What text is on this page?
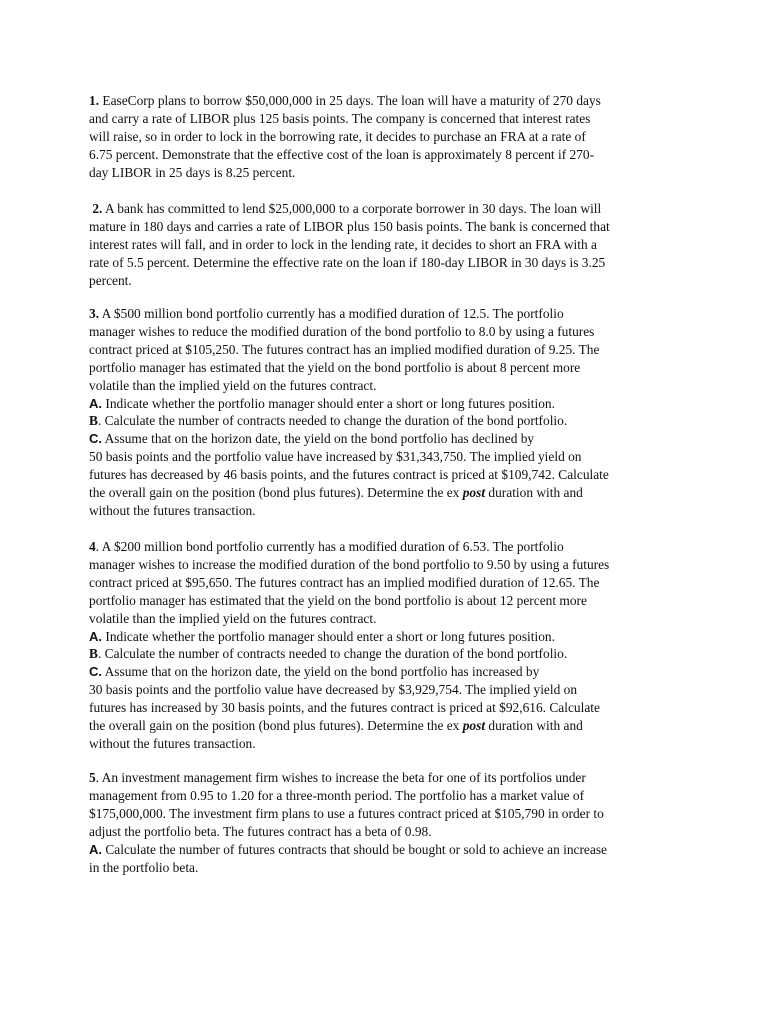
1. EaseCorp plans to borrow $50,000,000 in 25 days. The loan will have a maturity of 270 days
and carry a rate of LIBOR plus 125 basis points. The company is concerned that interest rates
will raise, so in order to lock in the borrowing rate, it decides to purchase an FRA at a rate of
6.75 percent. Demonstrate that the effective cost of the loan is approximately 8 percent if 270-
day LIBOR in 25 days is 8.25 percent.
2. A bank has committed to lend $25,000,000 to a corporate borrower in 30 days. The loan will
mature in 180 days and carries a rate of LIBOR plus 150 basis points. The bank is concerned that
interest rates will fall, and in order to lock in the lending rate, it decides to short an FRA with a
rate of 5.5 percent. Determine the effective rate on the loan if 180-day LIBOR in 30 days is 3.25
percent.
3. A $500 million bond portfolio currently has a modified duration of 12.5. The portfolio
manager wishes to reduce the modified duration of the bond portfolio to 8.0 by using a futures
contract priced at $105,250. The futures contract has an implied modified duration of 9.25. The
portfolio manager has estimated that the yield on the bond portfolio is about 8 percent more
volatile than the implied yield on the futures contract.
A. Indicate whether the portfolio manager should enter a short or long futures position.
B. Calculate the number of contracts needed to change the duration of the bond portfolio.
C. Assume that on the horizon date, the yield on the bond portfolio has declined by
50 basis points and the portfolio value have increased by $31,343,750. The implied yield on
futures has decreased by 46 basis points, and the futures contract is priced at $109,742. Calculate
the overall gain on the position (bond plus futures). Determine the ex post duration with and
without the futures transaction.
4. A $200 million bond portfolio currently has a modified duration of 6.53. The portfolio
manager wishes to increase the modified duration of the bond portfolio to 9.50 by using a futures
contract priced at $95,650. The futures contract has an implied modified duration of 12.65. The
portfolio manager has estimated that the yield on the bond portfolio is about 12 percent more
volatile than the implied yield on the futures contract.
A. Indicate whether the portfolio manager should enter a short or long futures position.
B. Calculate the number of contracts needed to change the duration of the bond portfolio.
C. Assume that on the horizon date, the yield on the bond portfolio has increased by
30 basis points and the portfolio value have decreased by $3,929,754. The implied yield on
futures has increased by 30 basis points, and the futures contract is priced at $92,616. Calculate
the overall gain on the position (bond plus futures). Determine the ex post duration with and
without the futures transaction.
5. An investment management firm wishes to increase the beta for one of its portfolios under
management from 0.95 to 1.20 for a three-month period. The portfolio has a market value of
$175,000,000. The investment firm plans to use a futures contract priced at $105,790 in order to
adjust the portfolio beta. The futures contract has a beta of 0.98.
A. Calculate the number of futures contracts that should be bought or sold to achieve an increase
in the portfolio beta.
